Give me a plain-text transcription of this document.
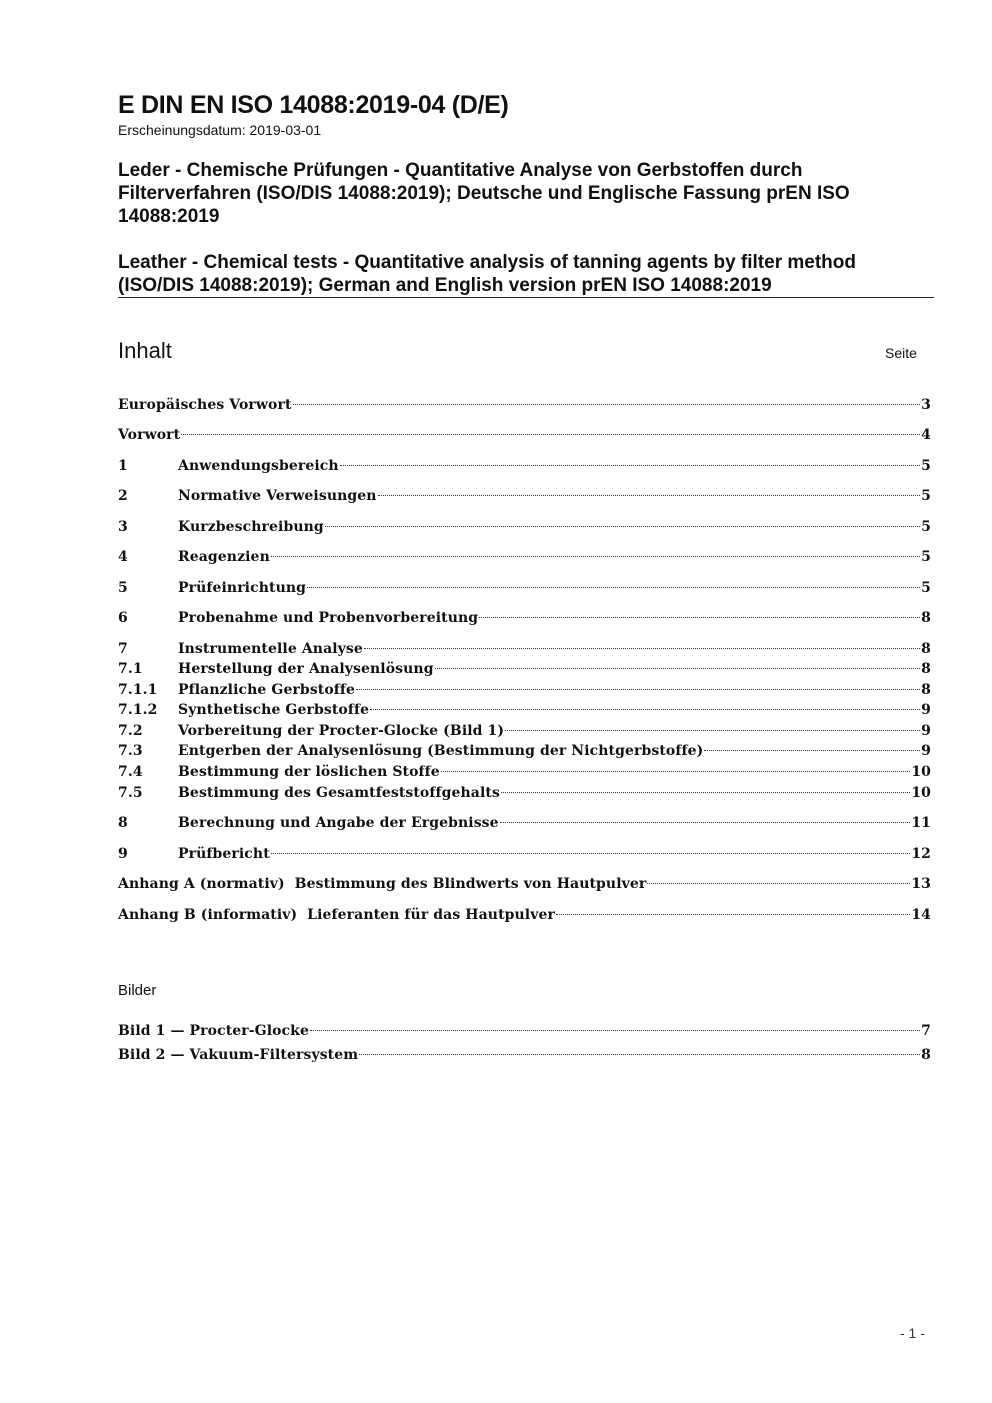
E DIN EN ISO 14088:2019-04 (D/E)
Erscheinungsdatum: 2019-03-01
Leder - Chemische Prüfungen - Quantitative Analyse von Gerbstoffen durch Filterverfahren (ISO/DIS 14088:2019); Deutsche und Englische Fassung prEN ISO 14088:2019
Leather - Chemical tests - Quantitative analysis of tanning agents by filter method (ISO/DIS 14088:2019); German and English version prEN ISO 14088:2019
Inhalt	Seite
Europäisches Vorwort	3
Vorwort	4
1	Anwendungsbereich	5
2	Normative Verweisungen	5
3	Kurzbeschreibung	5
4	Reagenzien	5
5	Prüfeinrichtung	5
6	Probenahme und Probenvorbereitung	8
7	Instrumentelle Analyse	8
7.1	Herstellung der Analysenlösung	8
7.1.1	Pflanzliche Gerbstoffe	8
7.1.2	Synthetische Gerbstoffe	9
7.2	Vorbereitung der Procter-Glocke (Bild 1)	9
7.3	Entgerben der Analysenlösung (Bestimmung der Nichtgerbstoffe)	9
7.4	Bestimmung der löslichen Stoffe	10
7.5	Bestimmung des Gesamtfeststoffgehalts	10
8	Berechnung und Angabe der Ergebnisse	11
9	Prüfbericht	12
Anhang A (normativ)  Bestimmung des Blindwerts von Hautpulver	13
Anhang B (informativ)  Lieferanten für das Hautpulver	14
Bilder
Bild 1 — Procter-Glocke	7
Bild 2 — Vakuum-Filtersystem	8
- 1 -
